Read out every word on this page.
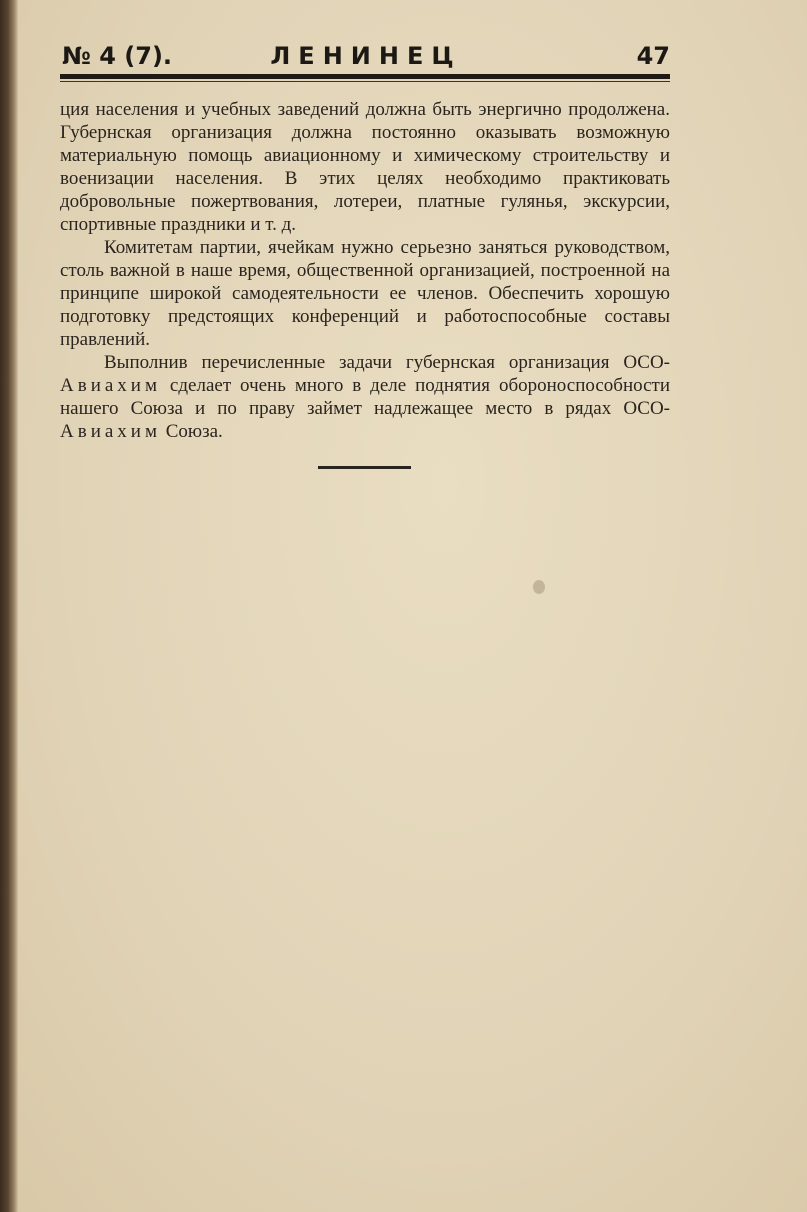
№ 4 (7).	ЛЕНИНЕЦ	47

ция населения и учебных заведений должна быть энергично продолжена. Губернская организация должна постоянно оказывать возможную материальную помощь авиационному и химическому строительству и военизации населения. В этих целях необходимо практиковать добровольные пожертвования, лотереи, платные гулянья, экскурсии, спортивные праздники и т. д.

Комитетам партии, ячейкам нужно серьезно заняться руководством, столь важной в наше время, общественной организацией, построенной на принципе широкой самодеятельности ее членов. Обеспечить хорошую подготовку предстоящих конференций и работоспособные составы правлений.

Выполнив перечисленные задачи губернская организация ОСО-Авиахим сделает очень много в деле поднятия обороноспособности нашего Союза и по праву займет надлежащее место в рядах ОСО-Авиахим Союза.
